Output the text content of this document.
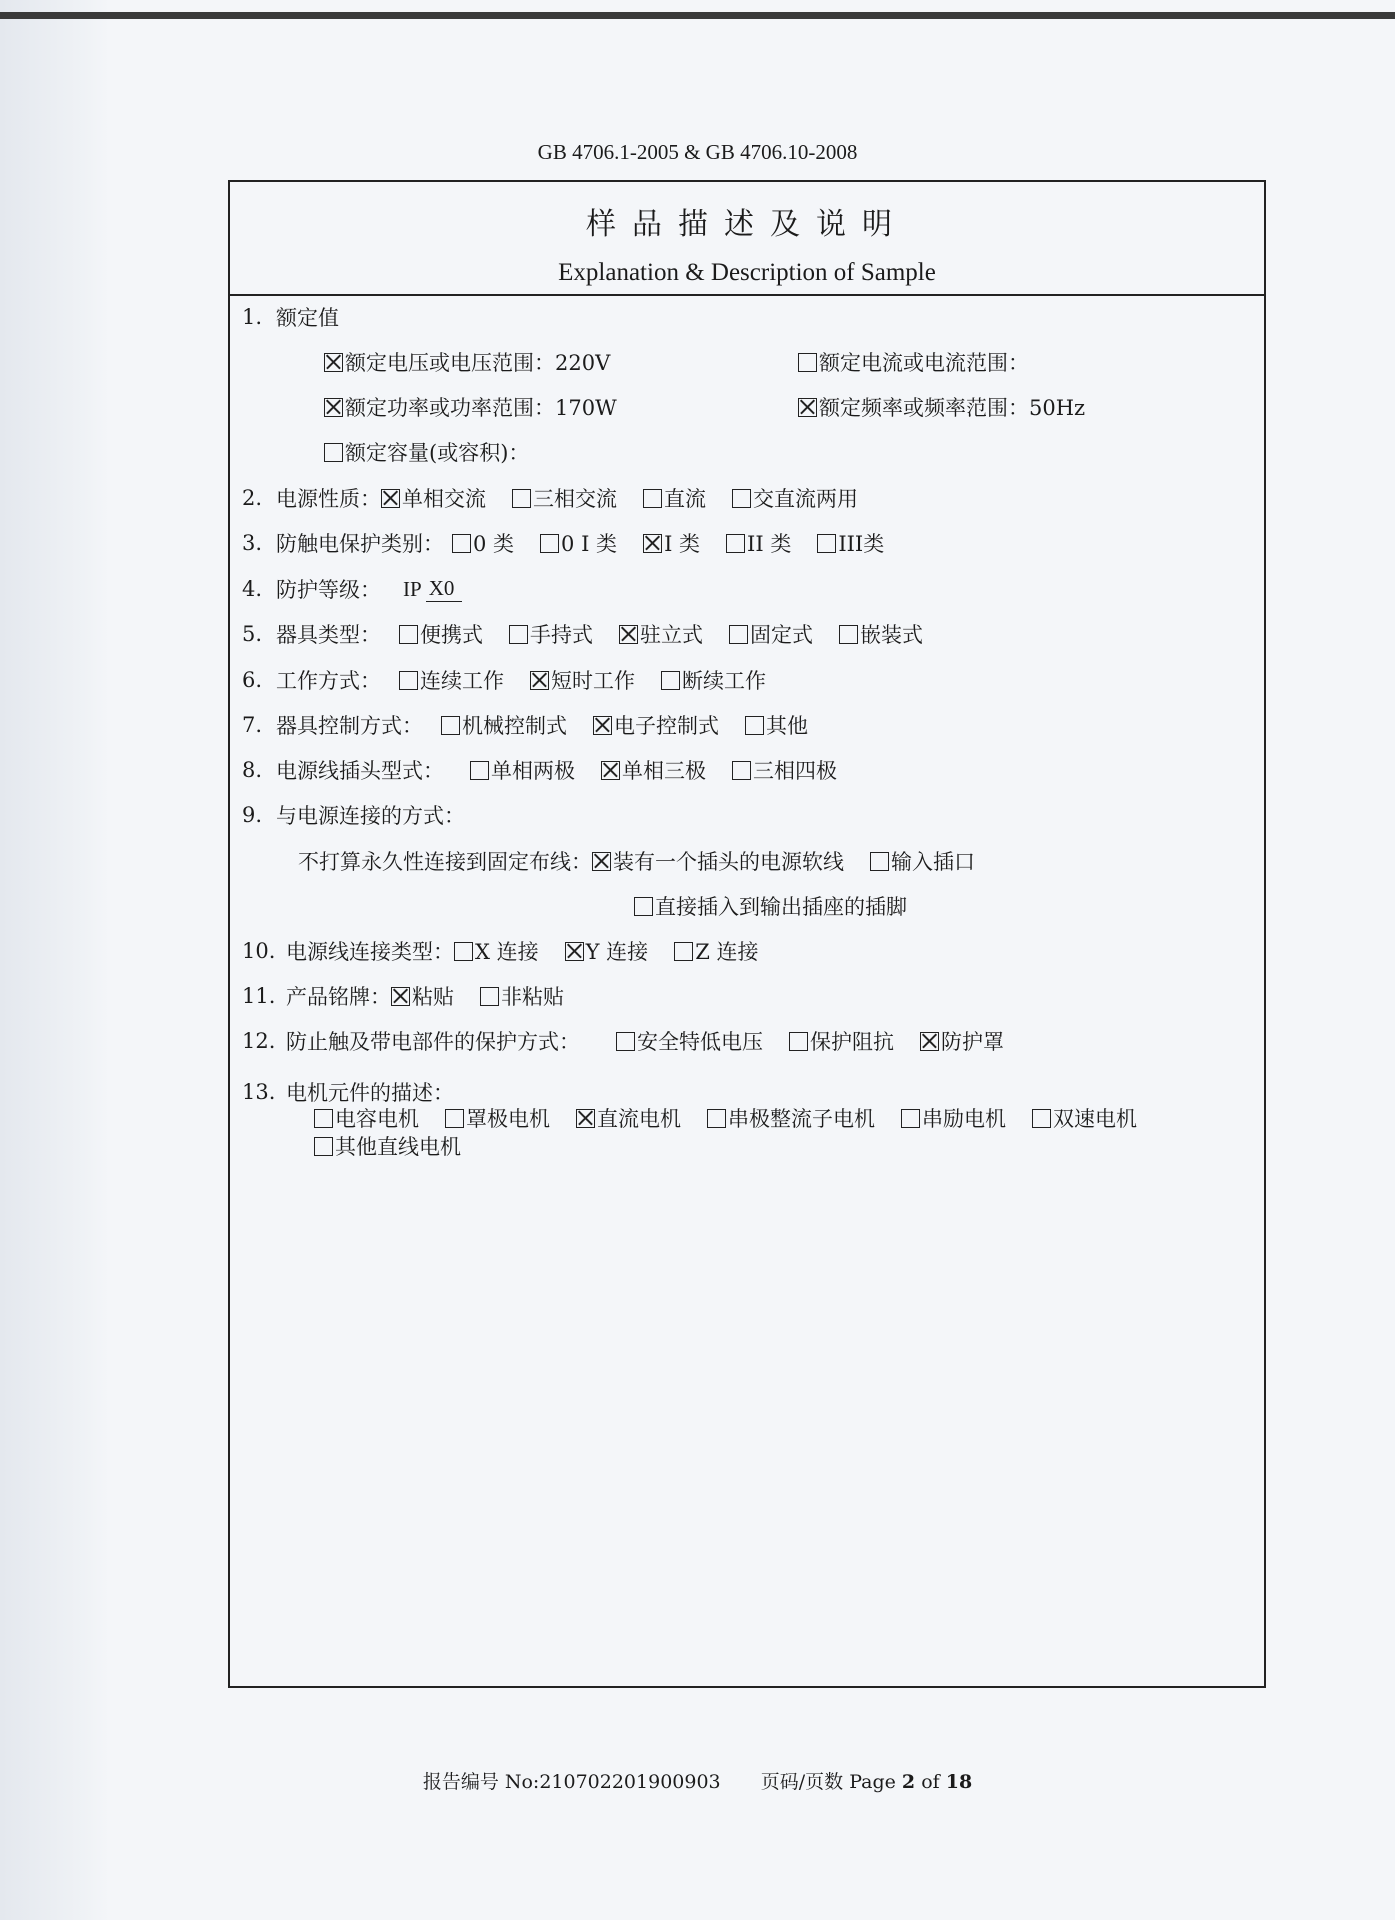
GB 4706.1-2005 & GB 4706.10-2008
样品描述及说明
Explanation & Description of Sample
1. 额定值
额定电压或电压范围：220V	额定电流或电流范围：
额定功率或功率范围：170W	额定频率或频率范围：50Hz
额定容量(或容积)：
2. 电源性质： 单相交流 三相交流 直流 交直流两用
3. 防触电保护类别： 0 类 0 I 类 I 类 II 类 III类
4. 防护等级： IP X0
5. 器具类型： 便携式 手持式 驻立式 固定式 嵌装式
6. 工作方式： 连续工作 短时工作 断续工作
7. 器具控制方式： 机械控制式 电子控制式 其他
8. 电源线插头型式： 单相两极 单相三极 三相四极
9. 与电源连接的方式：
不打算永久性连接到固定布线： 装有一个插头的电源软线 输入插口
直接插入到输出插座的插脚
10. 电源线连接类型： X 连接 Y 连接 Z 连接
11. 产品铭牌： 粘贴 非粘贴
12. 防止触及带电部件的保护方式：	安全特低电压 保护阻抗 防护罩
13. 电机元件的描述：
电容电机 罩极电机 直流电机 串极整流子电机 串励电机 双速电机
其他直线电机
报告编号 No:210702201900903 页码/页数 Page 2 of 18
